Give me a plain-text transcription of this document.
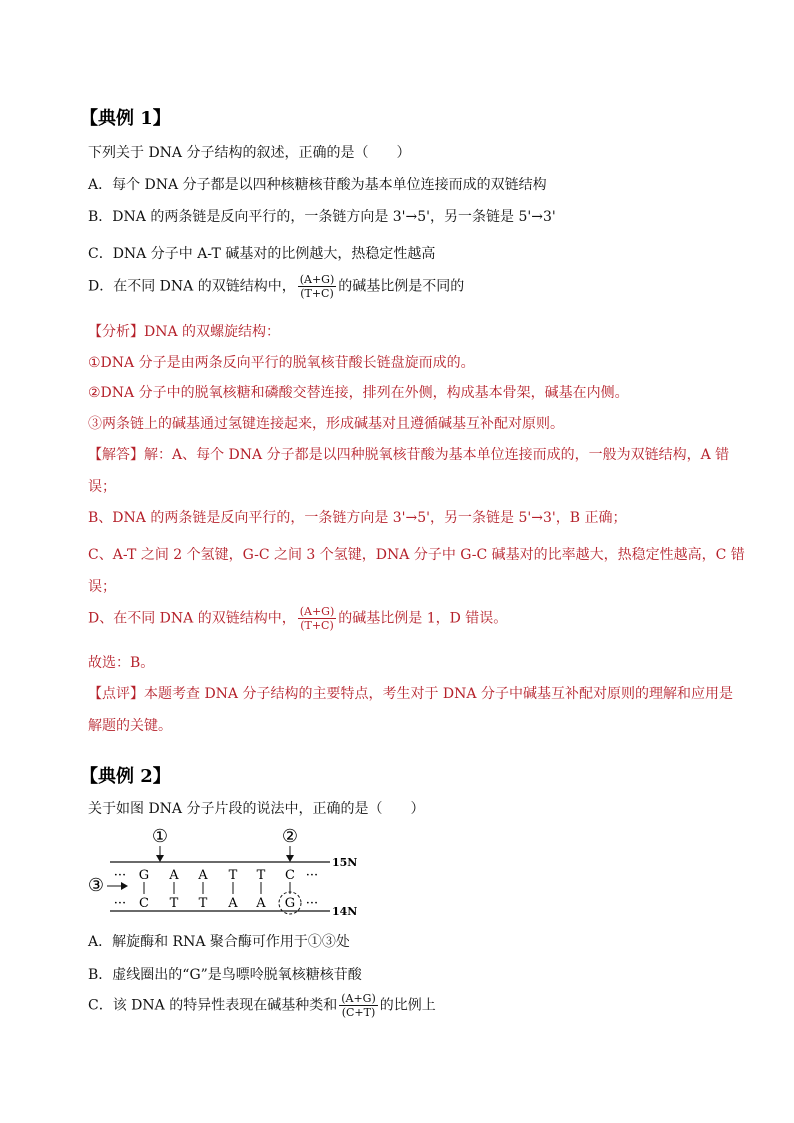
【典例 1】
下列关于 DNA 分子结构的叙述，正确的是（　　）
A．每个 DNA 分子都是以四种核糖核苷酸为基本单位连接而成的双链结构
B．DNA 的两条链是反向平行的，一条链方向是 3'→5'，另一条链是 5'→3'
C．DNA 分子中 A-T 碱基对的比例越大，热稳定性越高
D．在不同 DNA 的双链结构中， $\frac{(A+G)}{(T+C)}$ 的碱基比例是不同的
【分析】DNA 的双螺旋结构：
①DNA 分子是由两条反向平行的脱氧核苷酸长链盘旋而成的。
②DNA 分子中的脱氧核糖和磷酸交替连接，排列在外侧，构成基本骨架，碱基在内侧。
③两条链上的碱基通过氢键连接起来，形成碱基对且遵循碱基互补配对原则。
【解答】解：A、每个 DNA 分子都是以四种脱氧核苷酸为基本单位连接而成的，一般为双链结构，A 错
误；
B、DNA 的两条链是反向平行的，一条链方向是 3'→5'，另一条链是 5'→3'，B 正确；
C、A-T 之间 2 个氢键，G-C 之间 3 个氢键，DNA 分子中 G-C 碱基对的比率越大，热稳定性越高，C 错
误；
D、在不同 DNA 的双链结构中， $\frac{(A+G)}{(T+C)}$ 的碱基比例是 1，D 错误。
故选：B。
【点评】本题考查 DNA 分子结构的主要特点，考生对于 DNA 分子中碱基互补配对原则的理解和应用是
解题的关键。
【典例 2】
关于如图 DNA 分子片段的说法中，正确的是（　　）
①	②
③
15N
14N
··· G A A T T C ···
··· C T T A A G ···
A．解旋酶和 RNA 聚合酶可作用于①③处
B．虚线圈出的“G”是鸟嘌呤脱氧核糖核苷酸
C．该 DNA 的特异性表现在碱基种类和 $\frac{(A+G)}{(C+T)}$ 的比例上
